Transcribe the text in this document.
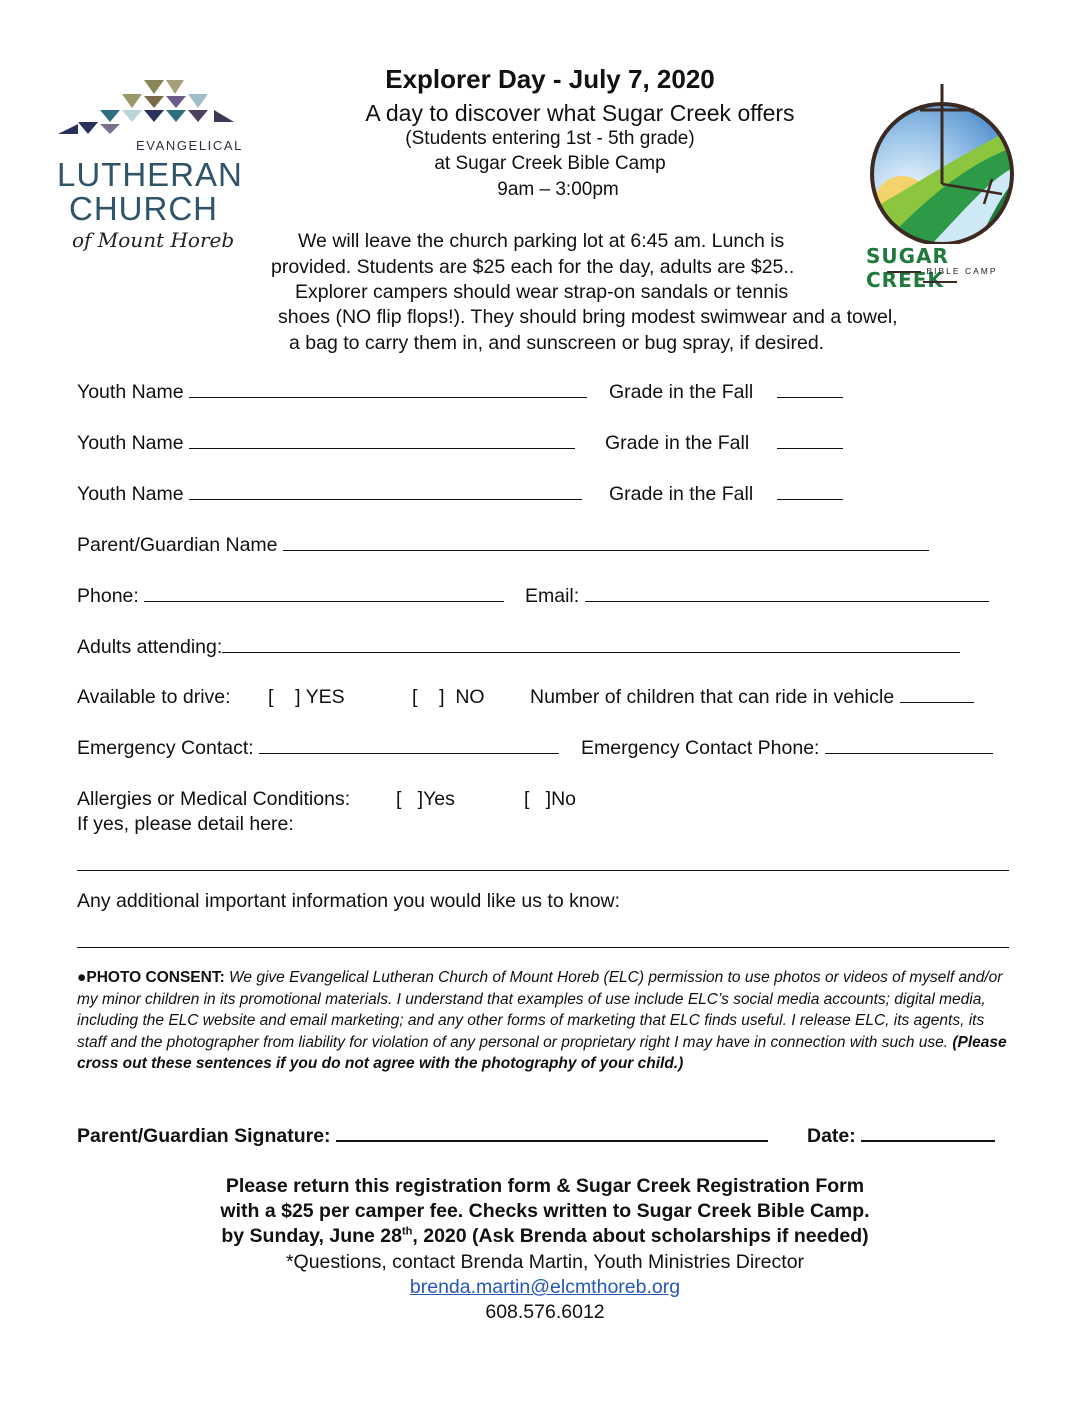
EVANGELICAL
LUTHERAN
CHURCH
of Mount Horeb
SUGAR CREEK
BIBLE CAMP
Explorer Day - July 7, 2020
A day to discover what Sugar Creek offers
(Students entering 1st - 5th grade)
at Sugar Creek Bible Camp
9am – 3:00pm
We will leave the church parking lot at 6:45 am. Lunch is
provided. Students are $25 each for the day, adults are $25..
Explorer campers should wear strap-on sandals or tennis
shoes (NO flip flops!). They should bring modest swimwear and a towel,
a bag to carry them in, and sunscreen or bug spray, if desired.
Youth Name	Grade in the Fall
Youth Name	Grade in the Fall
Youth Name	Grade in the Fall
Parent/Guardian Name
Phone:	Email:
Adults attending:
Available to drive: [    ] YES	[    ]  NO Number of children that can ride in vehicle
Emergency Contact:	Emergency Contact Phone:
Allergies or Medical Conditions: [   ]Yes	[   ]No
If yes, please detail here:
Any additional important information you would like us to know:
●PHOTO CONSENT: We give Evangelical Lutheran Church of Mount Horeb (ELC) permission to use photos or videos of myself and/or my minor children in its promotional materials. I understand that examples of use include ELC’s social media accounts; digital media, including the ELC website and email marketing; and any other forms of marketing that ELC finds useful. I release ELC, its agents, its staff and the photographer from liability for violation of any personal or proprietary right I may have in connection with such use. (Please cross out these sentences if you do not agree with the photography of your child.)
Parent/Guardian Signature:	Date:
Please return this registration form & Sugar Creek Registration Form
with a $25 per camper fee. Checks written to Sugar Creek Bible Camp.
by Sunday, June 28th, 2020 (Ask Brenda about scholarships if needed)
*Questions, contact Brenda Martin, Youth Ministries Director
brenda.martin@elcmthoreb.org
608.576.6012
